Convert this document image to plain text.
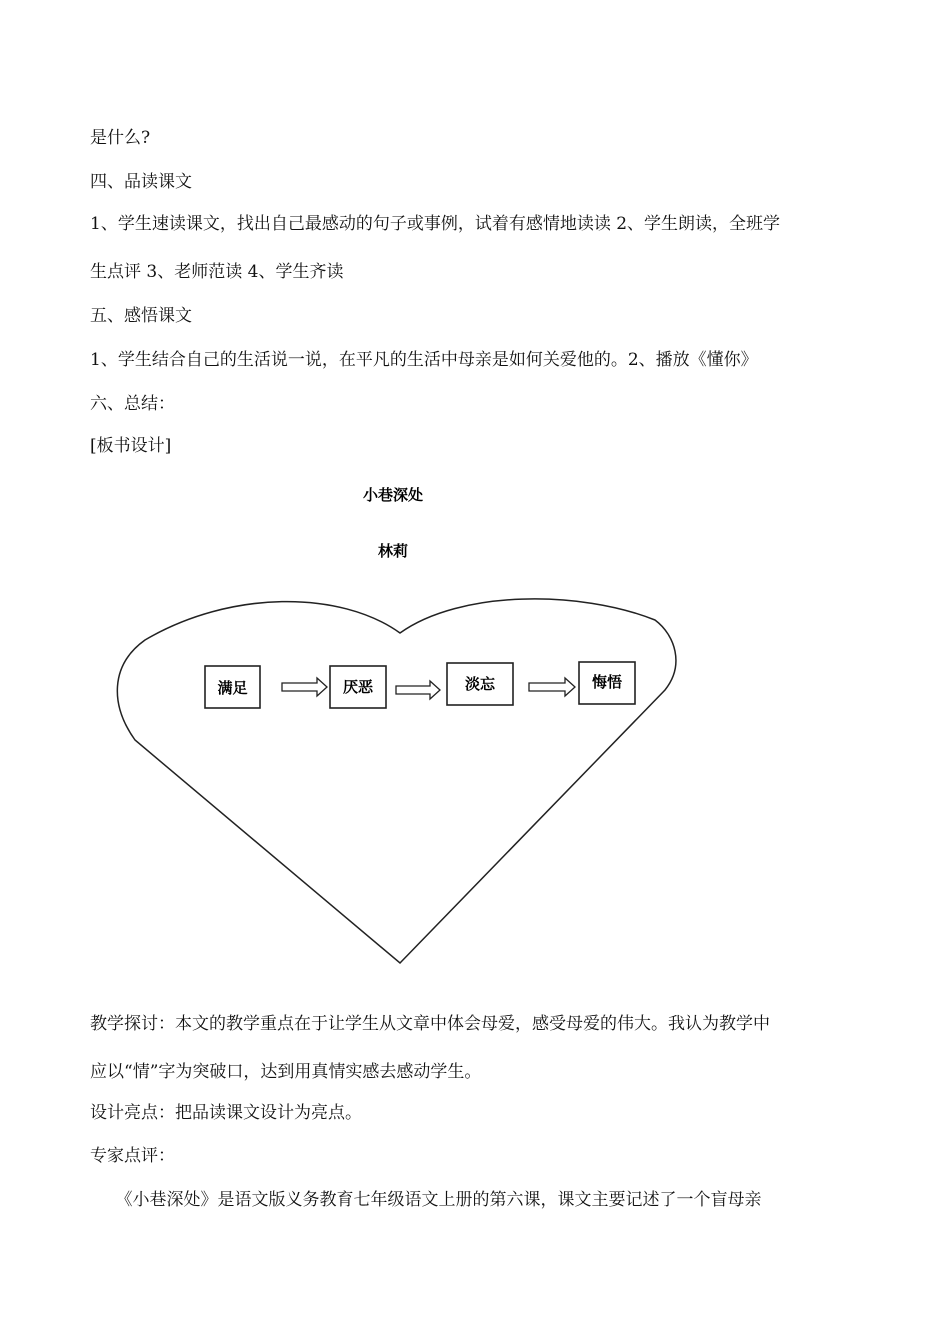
是什么?
四、品读课文
1、学生速读课文，找出自己最感动的句子或事例，试着有感情地读读 2、学生朗读，全班学
生点评 3、老师范读 4、学生齐读
五、感悟课文
1、学生结合自己的生活说一说，在平凡的生活中母亲是如何关爱他的。2、播放《懂你》
六、总结：
[板书设计]
小巷深处
林莉
满足	厌恶	淡忘	悔悟
教学探讨：本文的教学重点在于让学生从文章中体会母爱，感受母爱的伟大。我认为教学中
应以“情”字为突破口，达到用真情实感去感动学生。
设计亮点：把品读课文设计为亮点。
专家点评：
　　《小巷深处》是语文版义务教育七年级语文上册的第六课，课文主要记述了一个盲母亲
